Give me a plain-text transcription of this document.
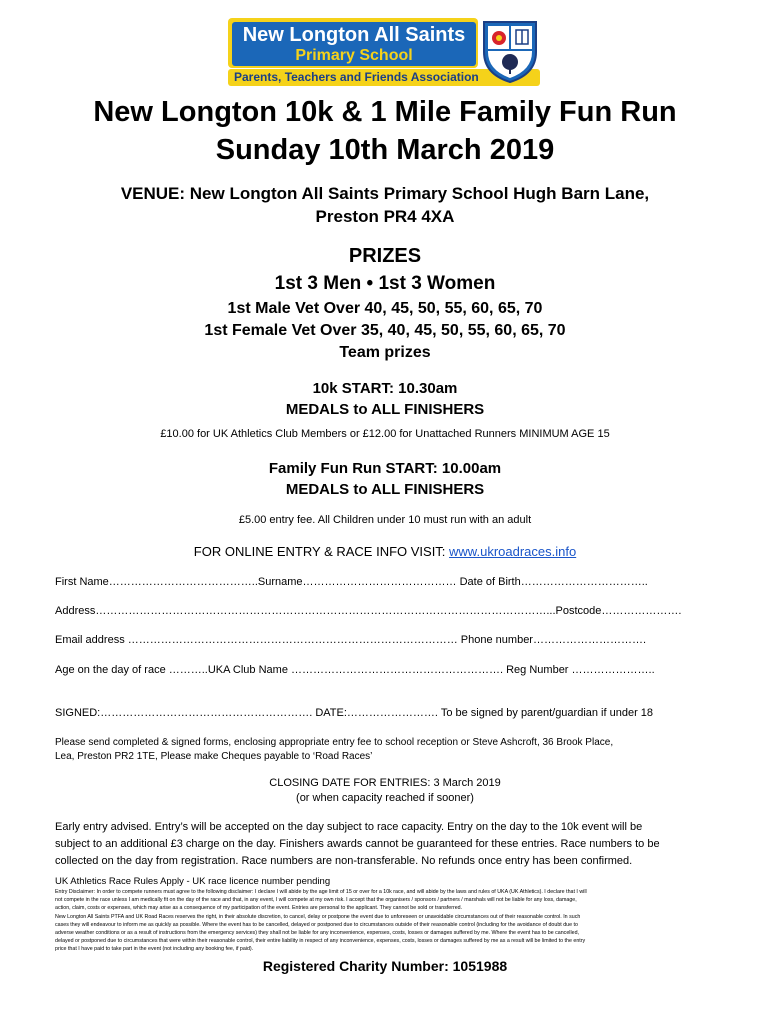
New Longton All Saints
Primary School
Parents, Teachers and Friends Association
New Longton 10k & 1 Mile Family Fun Run
Sunday 10th March 2019
VENUE: New Longton All Saints Primary School Hugh Barn Lane,
Preston PR4 4XA
PRIZES
1st 3 Men • 1st 3 Women
1st Male Vet Over 40, 45, 50, 55, 60, 65, 70
1st Female Vet Over 35, 40, 45, 50, 55, 60, 65, 70
Team prizes
10k START: 10.30am
MEDALS to ALL FINISHERS
£10.00 for UK Athletics Club Members or £12.00 for Unattached Runners MINIMUM AGE 15
Family Fun Run START: 10.00am
MEDALS to ALL FINISHERS
£5.00 entry fee. All Children under 10 must run with an adult
FOR ONLINE ENTRY & RACE INFO VISIT: www.ukroadraces.info
First Name…………………………………..Surname…………………………………… Date of Birth……………………………..
Address……………………………………………………………………………………………………………...Postcode………………….
Email address ……………………………………………………………………………… Phone number………………………….
Age on the day of race ………..UKA Club Name …………………………………………………. Reg Number …………………..
SIGNED:…………………………………………………. DATE:……………………. To be signed by parent/guardian if under 18
Please send completed & signed forms, enclosing appropriate entry fee to school reception or Steve Ashcroft, 36 Brook Place,
Lea, Preston PR2 1TE, Please make Cheques payable to ‘Road Races’
CLOSING DATE FOR ENTRIES: 3 March 2019
(or when capacity reached if sooner)
Early entry advised. Entry’s will be accepted on the day subject to race capacity. Entry on the day to the 10k event will be
subject to an additional £3 charge on the day. Finishers awards cannot be guaranteed for these entries. Race numbers to be
collected on the day from registration. Race numbers are non-transferable. No refunds once entry has been confirmed.
UK Athletics Race Rules Apply - UK race licence number pending
Entry Disclaimer: In order to compete runners must agree to the following disclaimer: I declare I will abide by the age limit of 15 or over for a 10k race, and will abide by the laws and rules of UKA (UK Athletics). I declare that I will
not compete in the race unless I am medically fit on the day of the race and that, in any event, I will compete at my own risk. I accept that the organisers / sponsors / partners / marshals will not be liable for any loss, damage,
action, claim, costs or expenses, which may arise as a consequence of my participation of the event. Entries are personal to the applicant. They cannot be sold or transferred.
New Longton All Saints PTFA and UK Road Races reserves the right, in their absolute discretion, to cancel, delay or postpone the event due to unforeseen or unavoidable circumstances out of their reasonable control. In such
cases they will endeavour to inform me as quickly as possible. Where the event has to be cancelled, delayed or postponed due to circumstances outside of their reasonable control (including for the avoidance of doubt due to
adverse weather conditions or as a result of instructions from the emergency services) they shall not be liable for any inconvenience, expenses, costs, losses or damages suffered by me. Where the event has to be cancelled,
delayed or postponed due to circumstances that were within their reasonable control, their entire liability in respect of any inconvenience, expenses, costs, losses or damages suffered by me as a result will be limited to the entry
price that I have paid to take part in the event (not including any booking fee, if paid).
Registered Charity Number: 1051988
